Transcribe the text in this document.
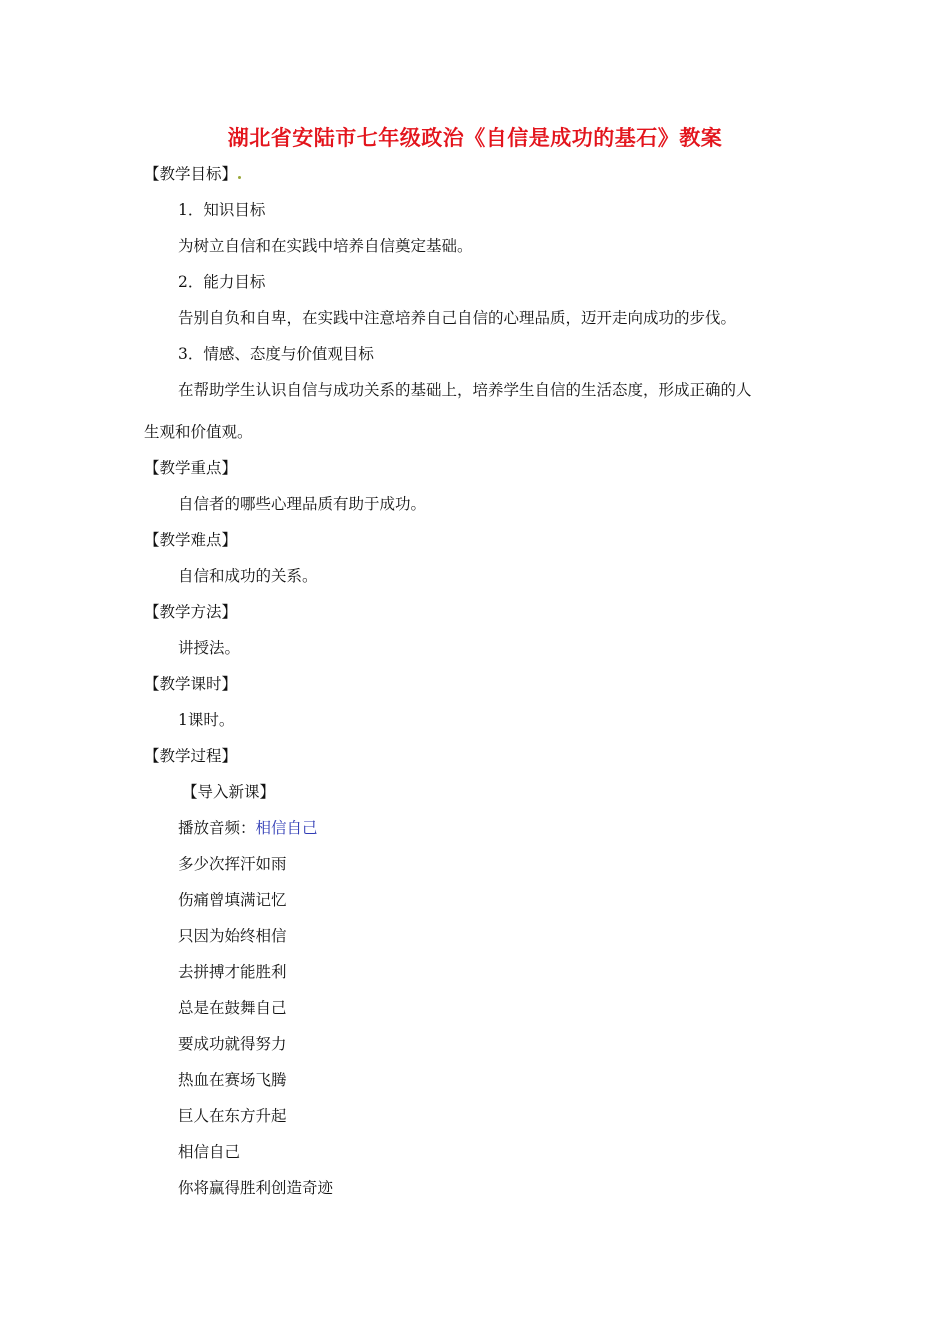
湖北省安陆市七年级政治《自信是成功的基石》教案
【教学目标】
1．知识目标
为树立自信和在实践中培养自信奠定基础。
2．能力目标
告别自负和自卑，在实践中注意培养自己自信的心理品质，迈开走向成功的步伐。
3．情感、态度与价值观目标
在帮助学生认识自信与成功关系的基础上，培养学生自信的生活态度，形成正确的人
生观和价值观。
【教学重点】
自信者的哪些心理品质有助于成功。
【教学难点】
自信和成功的关系。
【教学方法】
讲授法。
【教学课时】
1课时。
【教学过程】
【导入新课】
播放音频：相信自己
多少次挥汗如雨
伤痛曾填满记忆
只因为始终相信
去拼搏才能胜利
总是在鼓舞自己
要成功就得努力
热血在赛场飞腾
巨人在东方升起
相信自己
你将赢得胜利创造奇迹
